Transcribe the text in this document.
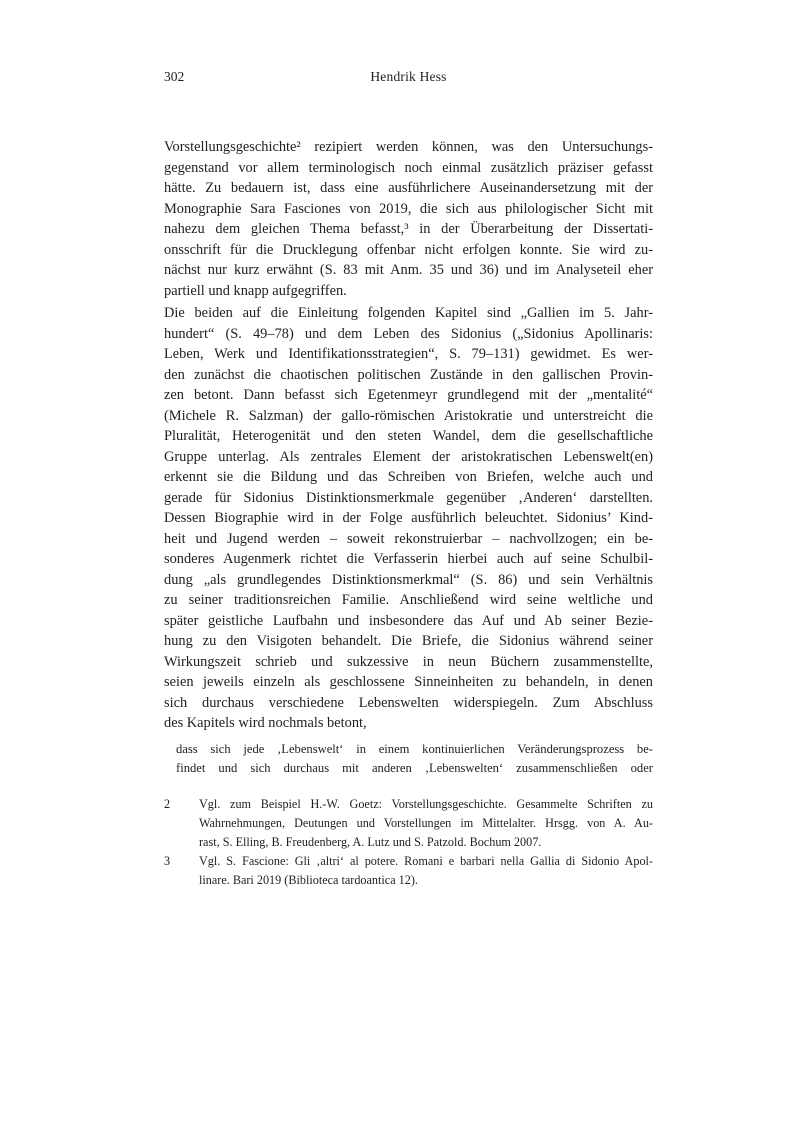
302	Hendrik Hess
Vorstellungsgeschichte² rezipiert werden können, was den Untersuchungs-
gegenstand vor allem terminologisch noch einmal zusätzlich präziser gefasst
hätte. Zu bedauern ist, dass eine ausführlichere Auseinandersetzung mit der
Monographie Sara Fasciones von 2019, die sich aus philologischer Sicht mit
nahezu dem gleichen Thema befasst,³ in der Überarbeitung der Dissertati-
onsschrift für die Drucklegung offenbar nicht erfolgen konnte. Sie wird zu-
nächst nur kurz erwähnt (S. 83 mit Anm. 35 und 36) und im Analyseteil eher
partiell und knapp aufgegriffen.
Die beiden auf die Einleitung folgenden Kapitel sind „Gallien im 5. Jahr-
hundert“ (S. 49–78) und dem Leben des Sidonius („Sidonius Apollinaris:
Leben, Werk und Identifikationsstrategien“, S. 79–131) gewidmet. Es wer-
den zunächst die chaotischen politischen Zustände in den gallischen Provin-
zen betont. Dann befasst sich Egetenmeyr grundlegend mit der „mentalité“
(Michele R. Salzman) der gallo-römischen Aristokratie und unterstreicht die
Pluralität, Heterogenität und den steten Wandel, dem die gesellschaftliche
Gruppe unterlag. Als zentrales Element der aristokratischen Lebenswelt(en)
erkennt sie die Bildung und das Schreiben von Briefen, welche auch und
gerade für Sidonius Distinktionsmerkmale gegenüber ‚Anderen‘ darstellten.
Dessen Biographie wird in der Folge ausführlich beleuchtet. Sidonius’ Kind-
heit und Jugend werden – soweit rekonstruierbar – nachvollzogen; ein be-
sonderes Augenmerk richtet die Verfasserin hierbei auch auf seine Schulbil-
dung „als grundlegendes Distinktionsmerkmal“ (S. 86) und sein Verhältnis
zu seiner traditionsreichen Familie. Anschließend wird seine weltliche und
später geistliche Laufbahn und insbesondere das Auf und Ab seiner Bezie-
hung zu den Visigoten behandelt. Die Briefe, die Sidonius während seiner
Wirkungszeit schrieb und sukzessive in neun Büchern zusammenstellte,
seien jeweils einzeln als geschlossene Sinneinheiten zu behandeln, in denen
sich durchaus verschiedene Lebenswelten widerspiegeln. Zum Abschluss
des Kapitels wird nochmals betont,
dass sich jede ‚Lebenswelt‘ in einem kontinuierlichen Veränderungsprozess be-
findet und sich durchaus mit anderen ‚Lebenswelten‘ zusammenschließen oder
2	Vgl. zum Beispiel H.-W. Goetz: Vorstellungsgeschichte. Gesammelte Schriften zu
Wahrnehmungen, Deutungen und Vorstellungen im Mittelalter. Hrsgg. von A. Au-
rast, S. Elling, B. Freudenberg, A. Lutz und S. Patzold. Bochum 2007.
3	Vgl. S. Fascione: Gli ‚altri‘ al potere. Romani e barbari nella Gallia di Sidonio Apol-
linare. Bari 2019 (Biblioteca tardoantica 12).
